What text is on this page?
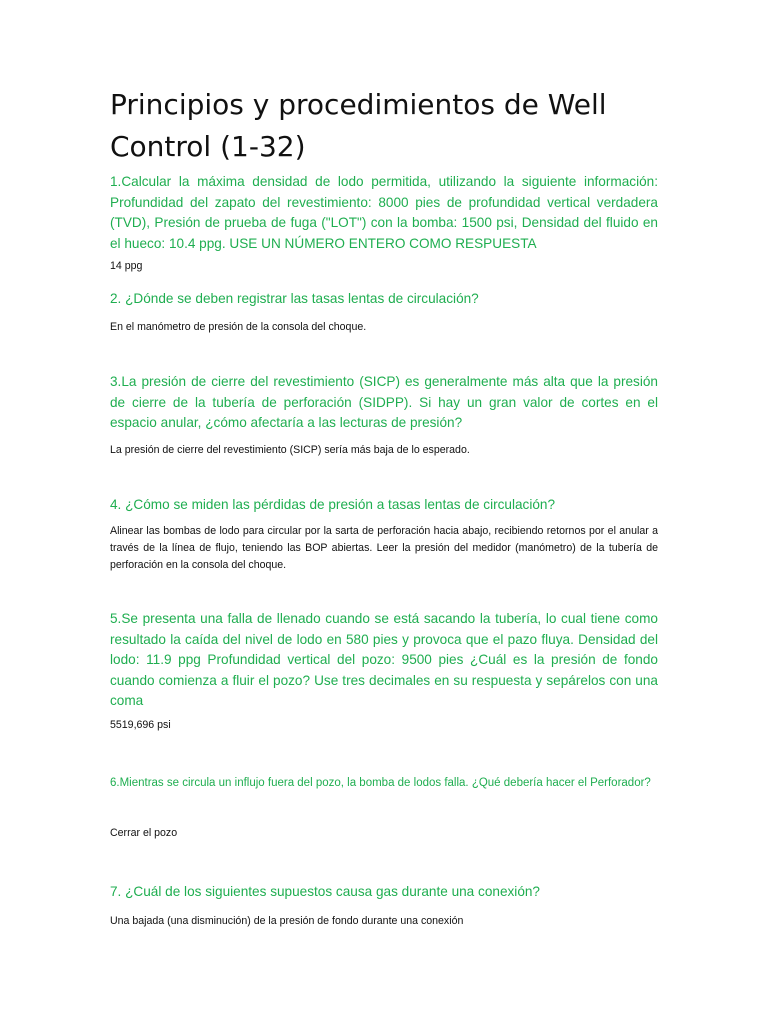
Principios y procedimientos de Well Control (1-32)

1.Calcular la máxima densidad de lodo permitida, utilizando la siguiente información: Profundidad del zapato del revestimiento: 8000 pies de profundidad vertical verdadera (TVD), Presión de prueba de fuga ("LOT") con la bomba: 1500 psi, Densidad del fluido en el hueco: 10.4 ppg. USE UN NÚMERO ENTERO COMO RESPUESTA

14 ppg

2. ¿Dónde se deben registrar las tasas lentas de circulación?

En el manómetro de presión de la consola del choque.

3.La presión de cierre del revestimiento (SICP) es generalmente más alta que la presión de cierre de la tubería de perforación (SIDPP). Si hay un gran valor de cortes en el espacio anular, ¿cómo afectaría a las lecturas de presión?

La presión de cierre del revestimiento (SICP) sería más baja de lo esperado.

4. ¿Cómo se miden las pérdidas de presión a tasas lentas de circulación?

Alinear las bombas de lodo para circular por la sarta de perforación hacia abajo, recibiendo retornos por el anular a través de la línea de flujo, teniendo las BOP abiertas. Leer la presión del medidor (manómetro) de la tubería de perforación en la consola del choque.

5.Se presenta una falla de llenado cuando se está sacando la tubería, lo cual tiene como resultado la caída del nivel de lodo en 580 pies y provoca que el pazo fluya. Densidad del lodo: 11.9 ppg Profundidad vertical del pozo: 9500 pies ¿Cuál es la presión de fondo cuando comienza a fluir el pozo? Use tres decimales en su respuesta y sepárelos con una coma

5519,696 psi

6.Mientras se circula un influjo fuera del pozo, la bomba de lodos falla. ¿Qué debería hacer el Perforador?

Cerrar el pozo

7. ¿Cuál de los siguientes supuestos causa gas durante una conexión?

Una bajada (una disminución) de la presión de fondo durante una conexión
